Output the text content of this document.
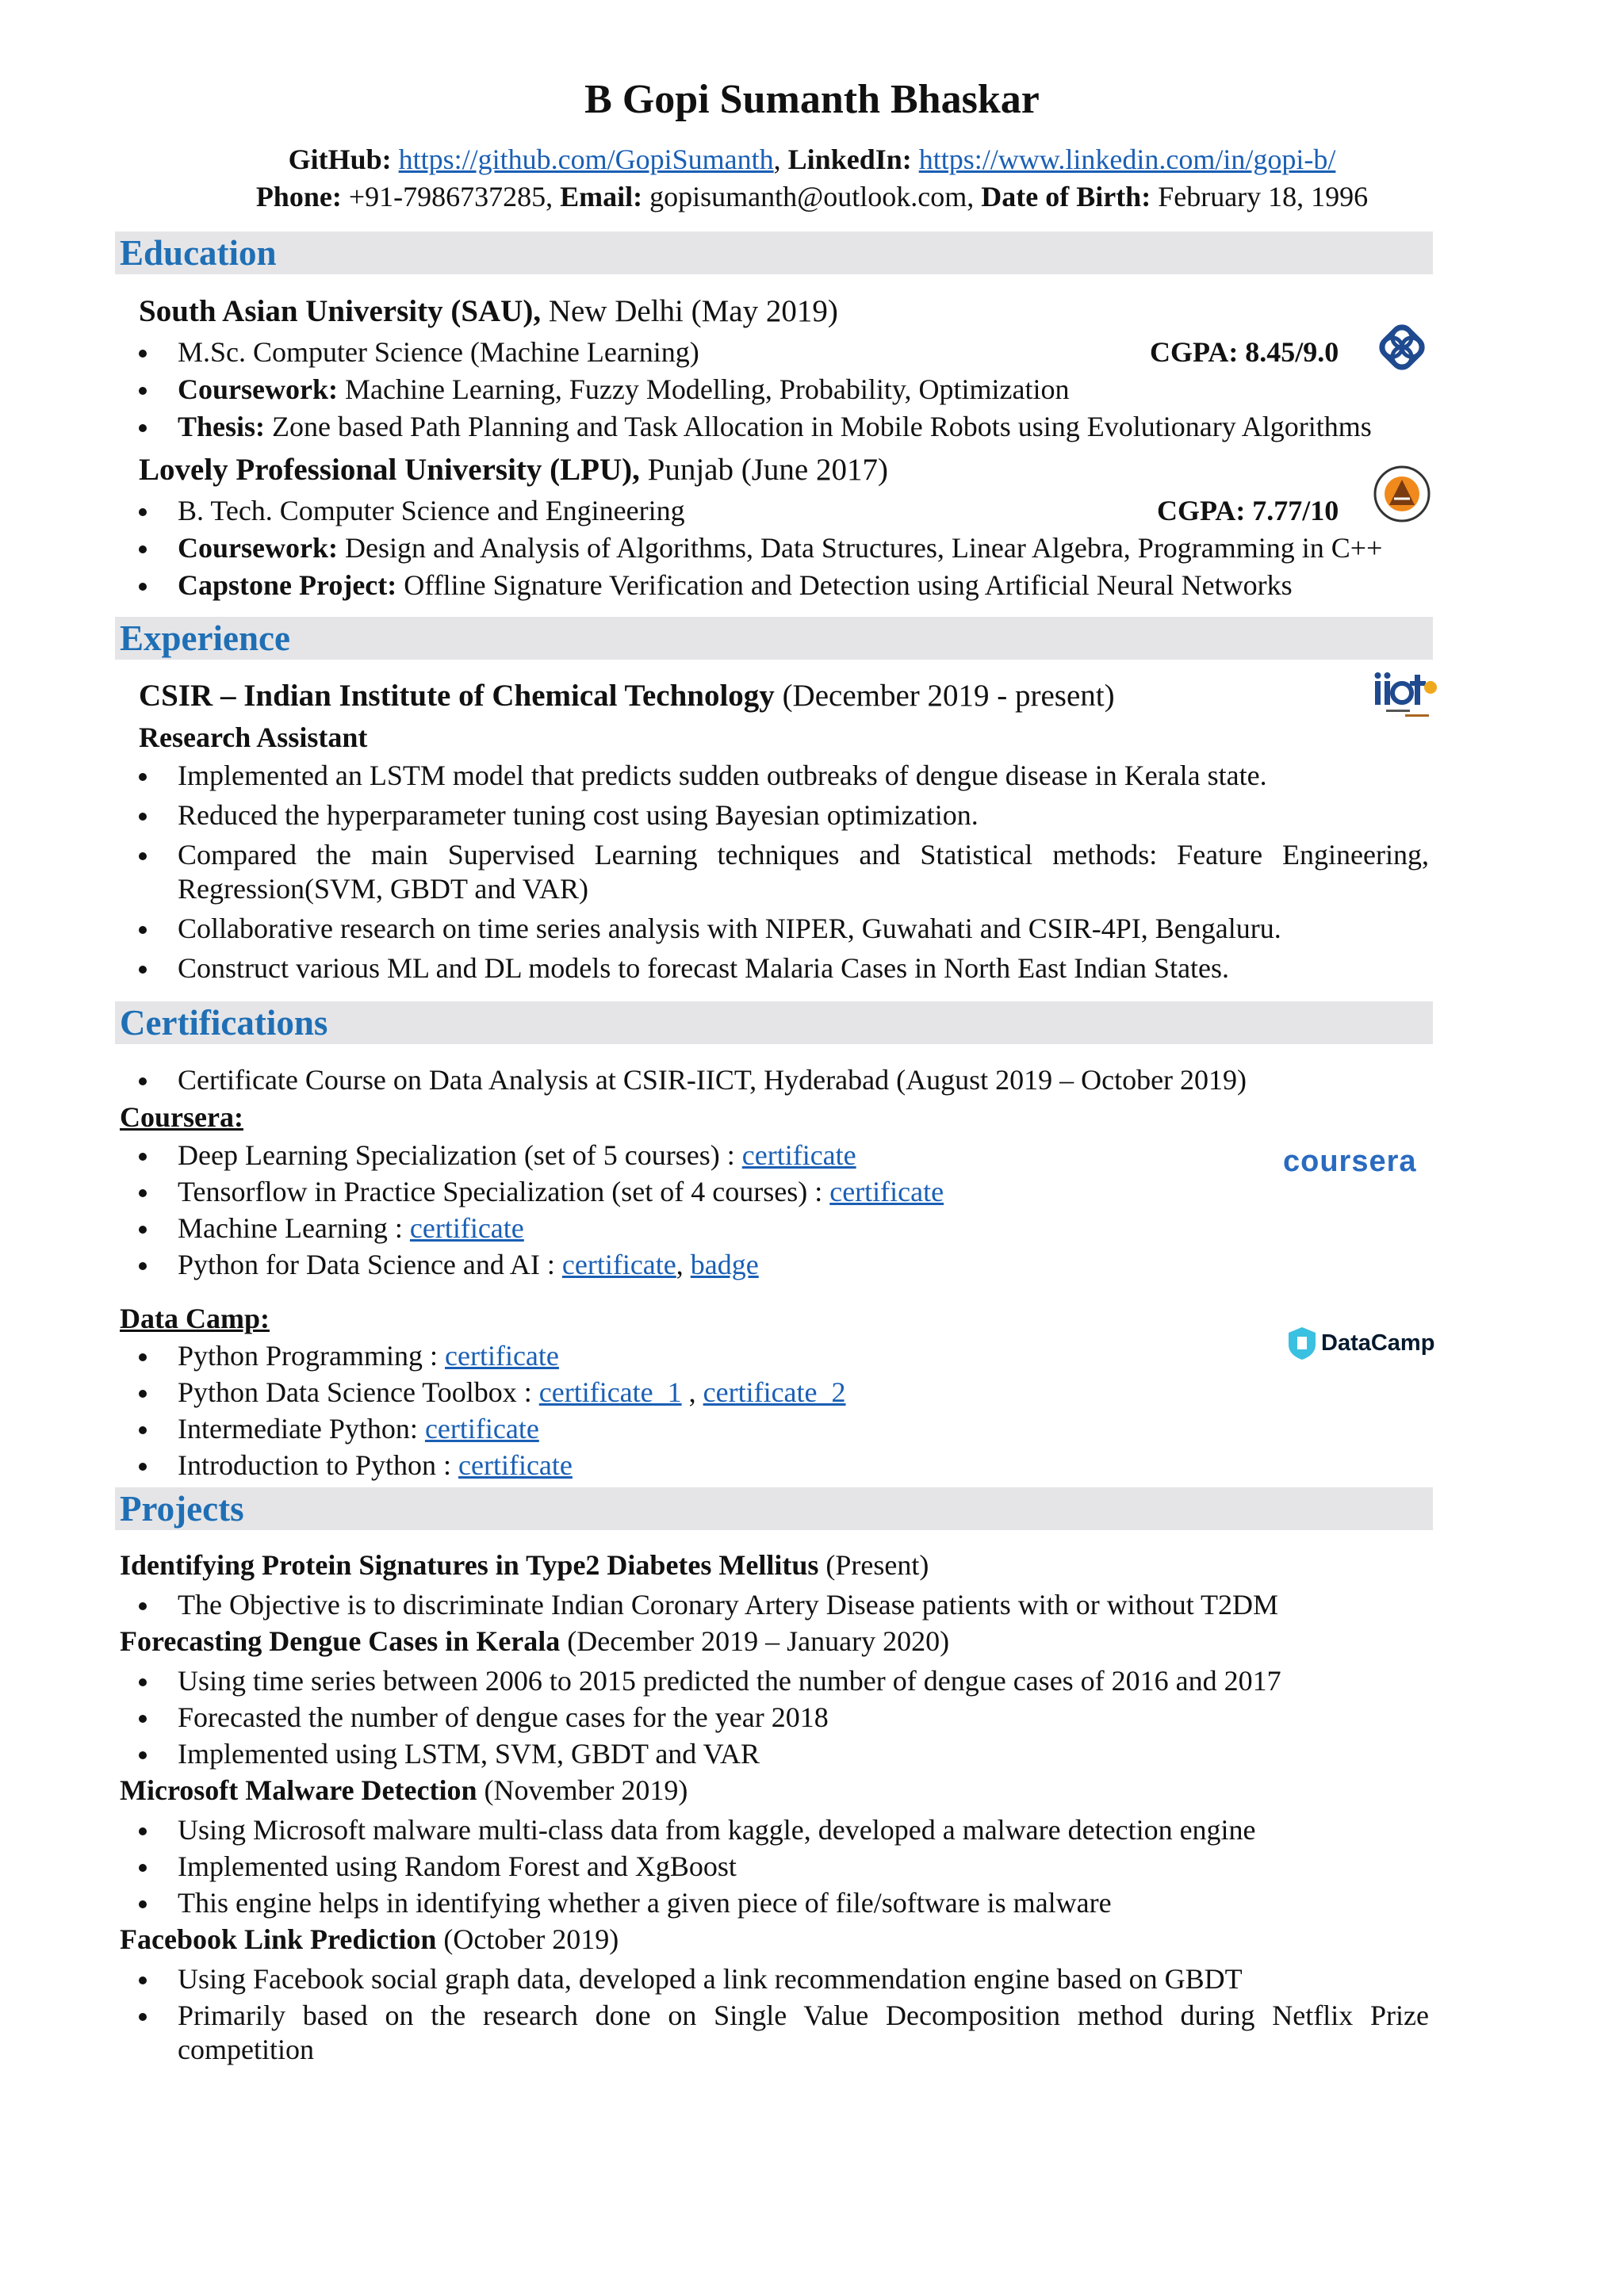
B Gopi Sumanth Bhaskar
GitHub: https://github.com/GopiSumanth, LinkedIn: https://www.linkedin.com/in/gopi-b/
Phone: +91-7986737285, Email: gopisumanth@outlook.com, Date of Birth: February 18, 1996
Education
South Asian University (SAU), New Delhi (May 2019)
M.Sc. Computer Science (Machine Learning)	CGPA: 8.45/9.0
Coursework: Machine Learning, Fuzzy Modelling, Probability, Optimization
Thesis: Zone based Path Planning and Task Allocation in Mobile Robots using Evolutionary Algorithms
Lovely Professional University (LPU), Punjab (June 2017)
B. Tech. Computer Science and Engineering	CGPA: 7.77/10
Coursework: Design and Analysis of Algorithms, Data Structures, Linear Algebra, Programming in C++
Capstone Project: Offline Signature Verification and Detection using Artificial Neural Networks
Experience
CSIR – Indian Institute of Chemical Technology (December 2019 - present)
Research Assistant
Implemented an LSTM model that predicts sudden outbreaks of dengue disease in Kerala state.
Reduced the hyperparameter tuning cost using Bayesian optimization.
Compared the main Supervised Learning techniques and Statistical methods: Feature Engineering,
Regression(SVM, GBDT and VAR)
Collaborative research on time series analysis with NIPER, Guwahati and CSIR-4PI, Bengaluru.
Construct various ML and DL models to forecast Malaria Cases in North East Indian States.
Certifications
Certificate Course on Data Analysis at CSIR-IICT, Hyderabad (August 2019 – October 2019)
Coursera:
coursera
Deep Learning Specialization (set of 5 courses) : certificate
Tensorflow in Practice Specialization (set of 4 courses) : certificate
Machine Learning : certificate
Python for Data Science and AI : certificate, badge
Data Camp:
DataCamp
Python Programming : certificate
Python Data Science Toolbox : certificate_1 , certificate_2
Intermediate Python: certificate
Introduction to Python : certificate
Projects
Identifying Protein Signatures in Type2 Diabetes Mellitus (Present)
The Objective is to discriminate Indian Coronary Artery Disease patients with or without T2DM
Forecasting Dengue Cases in Kerala (December 2019 – January 2020)
Using time series between 2006 to 2015 predicted the number of dengue cases of 2016 and 2017
Forecasted the number of dengue cases for the year 2018
Implemented using LSTM, SVM, GBDT and VAR
Microsoft Malware Detection (November 2019)
Using Microsoft malware multi-class data from kaggle, developed a malware detection engine
Implemented using Random Forest and XgBoost
This engine helps in identifying whether a given piece of file/software is malware
Facebook Link Prediction (October 2019)
Using Facebook social graph data, developed a link recommendation engine based on GBDT
Primarily based on the research done on Single Value Decomposition method during Netflix Prize
competition
